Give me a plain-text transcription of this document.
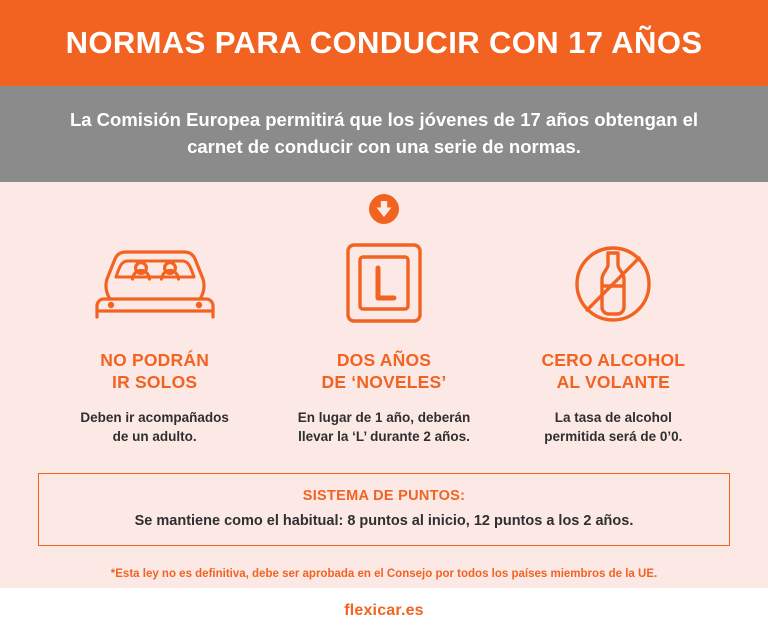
NORMAS PARA CONDUCIR CON 17 AÑOS

La Comisión Europea permitirá que los jóvenes de 17 años obtengan el carnet de conducir con una serie de normas.

NO PODRÁN
IR SOLOS
Deben ir acompañados
de un adulto.
DOS AÑOS
DE ‘NOVELES’
En lugar de 1 año, deberán
llevar la ‘L’ durante 2 años.
CERO ALCOHOL
AL VOLANTE
La tasa de alcohol
permitida será de 0’0.
SISTEMA DE PUNTOS:
Se mantiene como el habitual: 8 puntos al inicio, 12 puntos a los 2 años.
*Esta ley no es definitiva, debe ser aprobada en el Consejo por todos los países miembros de la UE.
flexicar.es
